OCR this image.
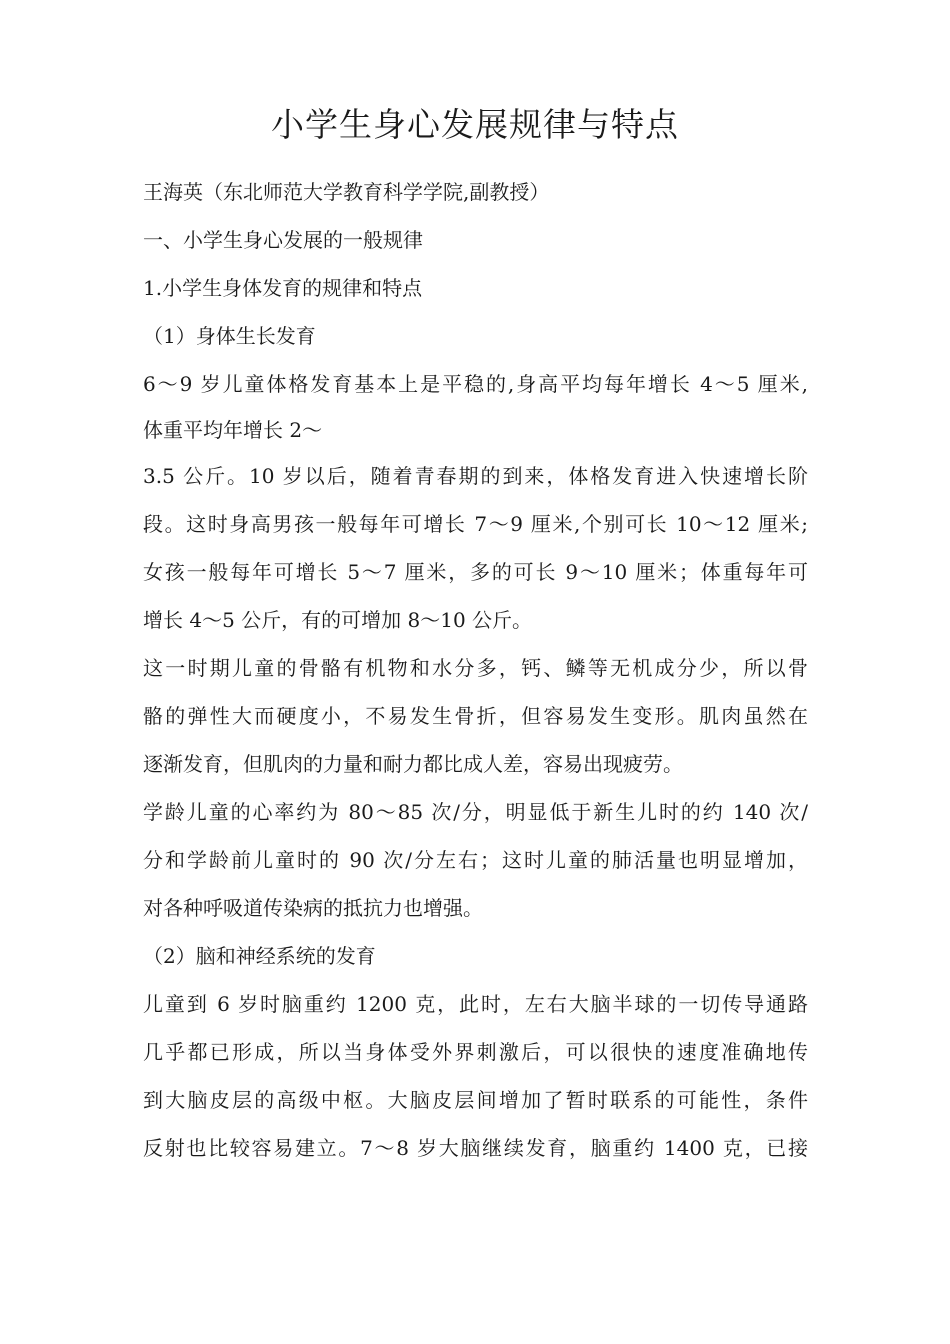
小学生身心发展规律与特点
王海英（东北师范大学教育科学学院,副教授）
一、小学生身心发展的一般规律
1.小学生身体发育的规律和特点
（1）身体生长发育
6～9 岁儿童体格发育基本上是平稳的,身高平均每年增长 4～5 厘米,
体重平均年增长 2～
3.5 公斤。10 岁以后，随着青春期的到来，体格发育进入快速增长阶
段。这时身高男孩一般每年可增长 7～9 厘米,个别可长 10～12 厘米;
女孩一般每年可增长 5～7 厘米，多的可长 9～10 厘米；体重每年可
增长 4～5 公斤，有的可增加 8～10 公斤。
这一时期儿童的骨骼有机物和水分多，钙、鳞等无机成分少，所以骨
骼的弹性大而硬度小，不易发生骨折，但容易发生变形。肌肉虽然在
逐渐发育，但肌肉的力量和耐力都比成人差，容易出现疲劳。
学龄儿童的心率约为 80～85 次/分，明显低于新生儿时的约 140 次/
分和学龄前儿童时的 90 次/分左右；这时儿童的肺活量也明显增加，
对各种呼吸道传染病的抵抗力也增强。
（2）脑和神经系统的发育
儿童到 6 岁时脑重约 1200 克，此时，左右大脑半球的一切传导通路
几乎都已形成，所以当身体受外界刺激后，可以很快的速度准确地传
到大脑皮层的高级中枢。大脑皮层间增加了暂时联系的可能性，条件
反射也比较容易建立。7～8 岁大脑继续发育，脑重约 1400 克，已接
